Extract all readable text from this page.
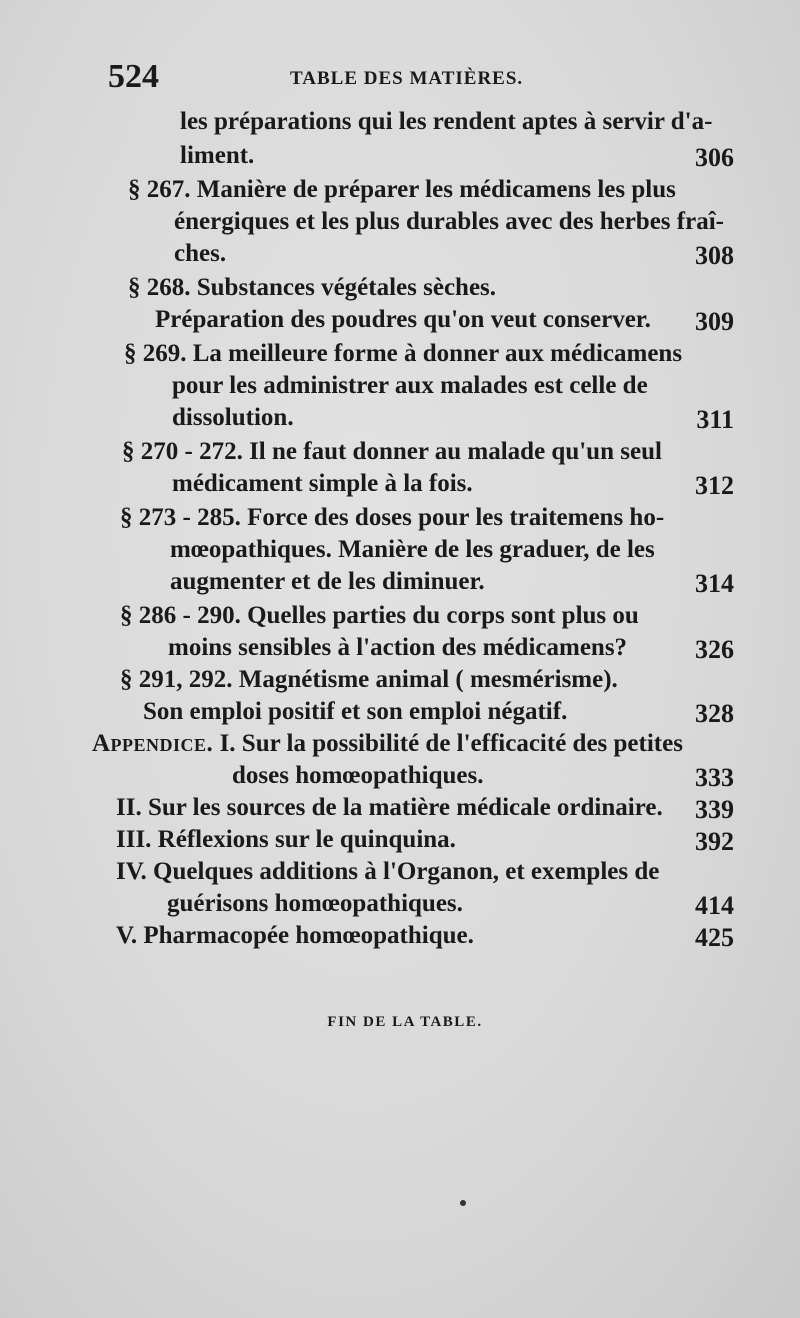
524	TABLE DES MATIÈRES.
les préparations qui les rendent aptes à servir d'a-
liment.	306
§ 267. Manière de préparer les médicamens les plus
énergiques et les plus durables avec des herbes fraî-
ches.	308
§ 268. Substances végétales sèches.
Préparation des poudres qu'on veut conserver. 309
§ 269. La meilleure forme à donner aux médicamens
pour les administrer aux malades est celle de
dissolution.	311
§ 270 - 272. Il ne faut donner au malade qu'un seul
médicament simple à la fois.	312
§ 273 - 285. Force des doses pour les traitemens ho-
mœopathiques. Manière de les graduer, de les
augmenter et de les diminuer.	314
§ 286 - 290. Quelles parties du corps sont plus ou
moins sensibles à l'action des médicamens?	326
§ 291, 292. Magnétisme animal ( mesmérisme).
Son emploi positif et son emploi négatif.	328
Appendice. I. Sur la possibilité de l'efficacité des petites
doses homœopathiques.	333
II. Sur les sources de la matière médicale ordinaire. 339
III. Réflexions sur le quinquina.	392
IV. Quelques additions à l'Organon, et exemples de
guérisons homœopathiques.	414
V. Pharmacopée homœopathique.	425
FIN DE LA TABLE.
